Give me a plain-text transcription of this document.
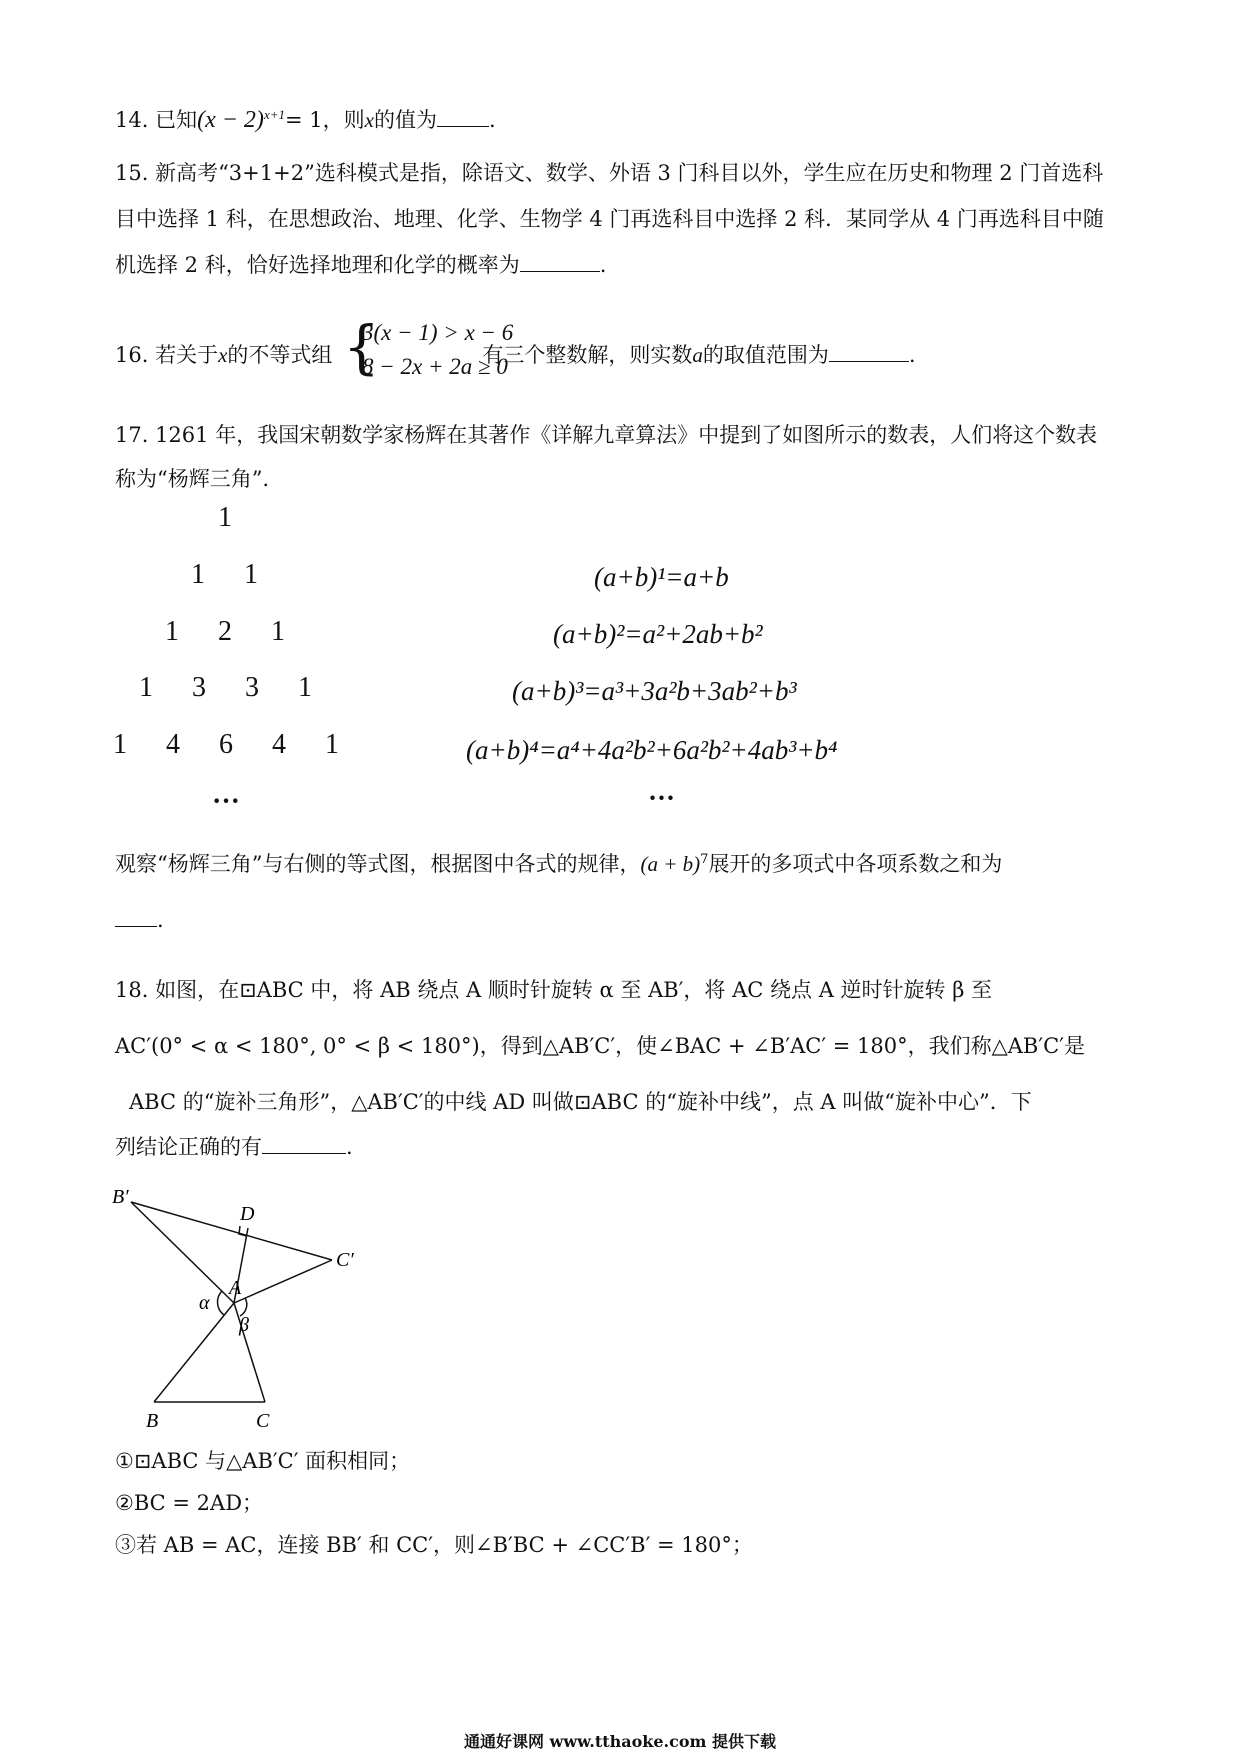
14. 已知$(x - 2)^{x+1}= 1$，则x的值为 .
15. 新高考“3+1+2”选科模式是指，除语文、数学、外语 3 门科目以外，学生应在历史和物理 2 门首选科
目中选择 1 科，在思想政治、地理、化学、生物学 4 门再选科目中选择 2 科．某同学从 4 门再选科目中随
机选择 2 科，恰好选择地理和化学的概率为	.
16. 若关于x的不等式组	有三个整数解，则实数a的取值范围为	.
{
3(x − 1) > x − 6
8 − 2x + 2a ≥ 0
17. 1261 年，我国宋朝数学家杨辉在其著作《详解九章算法》中提到了如图所示的数表，人们将这个数表
称为“杨辉三角”．
1
1 1
1 2 1
1 3 3 1
1 4 6 4 1
···
(a+b)¹=a+b
(a+b)²=a²+2ab+b²
(a+b)³=a³+3a²b+3ab²+b³
(a+b)⁴=a⁴+4a²b²+6a²b²+4ab³+b⁴
···
观察“杨辉三角”与右侧的等式图，根据图中各式的规律，$(a + b)^7$展开的多项式中各项系数之和为
.
18. 如图，在⊡ABC 中，将 AB 绕点 A 顺时针旋转 α 至 AB′，将 AC 绕点 A 逆时针旋转 β 至
AC′(0° < α < 180°, 0° < β < 180°)，得到△AB′C′，使∠BAC + ∠B′AC′ = 180°，我们称△AB′C′是
ABC 的“旋补三角形”，△AB′C′的中线 AD 叫做⊡ABC 的“旋补中线”，点 A 叫做“旋补中心”．下
列结论正确的有	.
B′
D
C′
α
A
β
B	C
①⊡ABC 与△AB′C′ 面积相同；
②BC = 2AD；
③若 AB = AC，连接 BB′ 和 CC′，则∠B′BC + ∠CC′B′ = 180°；
通通好课网 www.tthaoke.com 提供下载
